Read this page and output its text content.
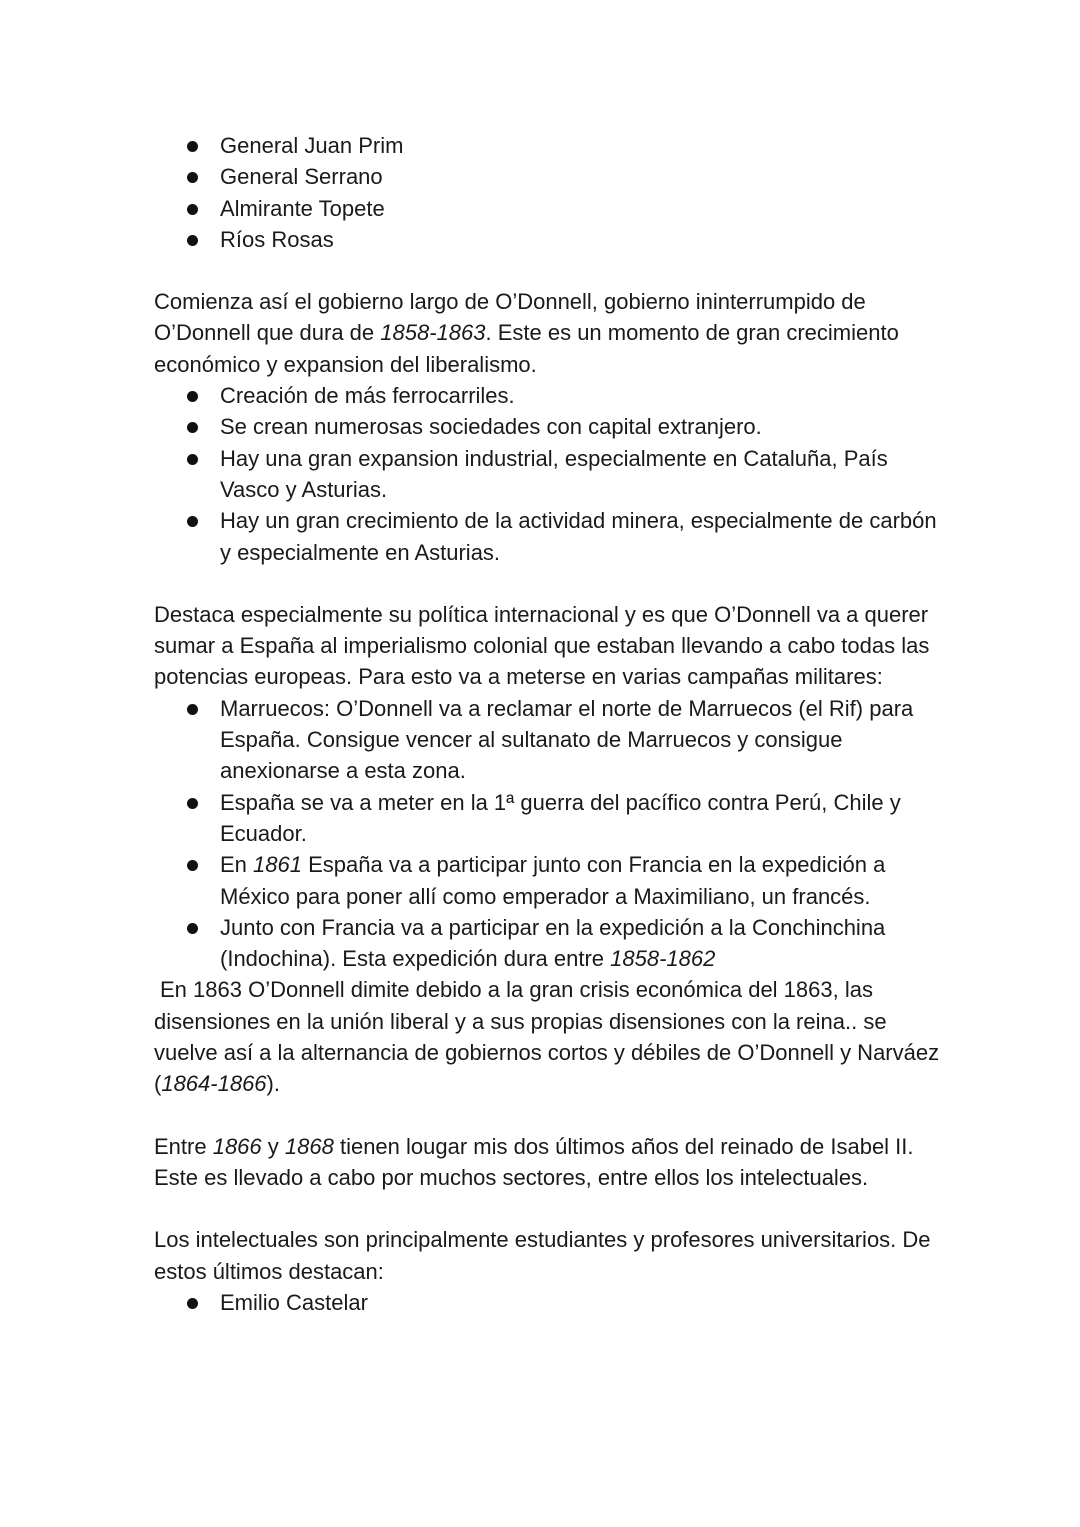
General Juan Prim
General Serrano
Almirante Topete
Ríos Rosas

Comienza así el gobierno largo de O’Donnell, gobierno ininterrumpido de O’Donnell que dura de 1858-1863. Este es un momento de gran crecimiento económico y expansion del liberalismo.

Creación de más ferrocarriles.
Se crean numerosas sociedades con capital extranjero.
Hay una gran expansion industrial, especialmente en Cataluña, País Vasco y Asturias.
Hay un gran crecimiento de la actividad minera, especialmente de carbón y especialmente en Asturias.

Destaca especialmente su política internacional y es que O’Donnell va a querer sumar a España al imperialismo colonial que estaban llevando a cabo todas las potencias europeas. Para esto va a meterse en varias campañas militares:

Marruecos: O’Donnell va a reclamar el norte de Marruecos (el Rif) para España. Consigue vencer al sultanato de Marruecos y consigue anexionarse a esta zona.
España se va a meter en la 1ª guerra del pacífico contra Perú, Chile y Ecuador.
En 1861 España va a participar junto con Francia en la expedición a México para poner allí como emperador a Maximiliano, un francés.
Junto con Francia va a participar en la expedición a la Conchinchina (Indochina). Esta expedición dura entre 1858-1862

En 1863 O’Donnell dimite debido a la gran crisis económica del 1863, las disensiones en la unión liberal y a sus propias disensiones con la reina.. se vuelve así a la alternancia de gobiernos cortos y débiles de O’Donnell y Narváez (1864-1866).

Entre 1866 y 1868 tienen lougar mis dos últimos años del reinado de Isabel II. Este es llevado a cabo por muchos sectores, entre ellos los intelectuales.

Los intelectuales son principalmente estudiantes y profesores universitarios. De estos últimos destacan:

Emilio Castelar
